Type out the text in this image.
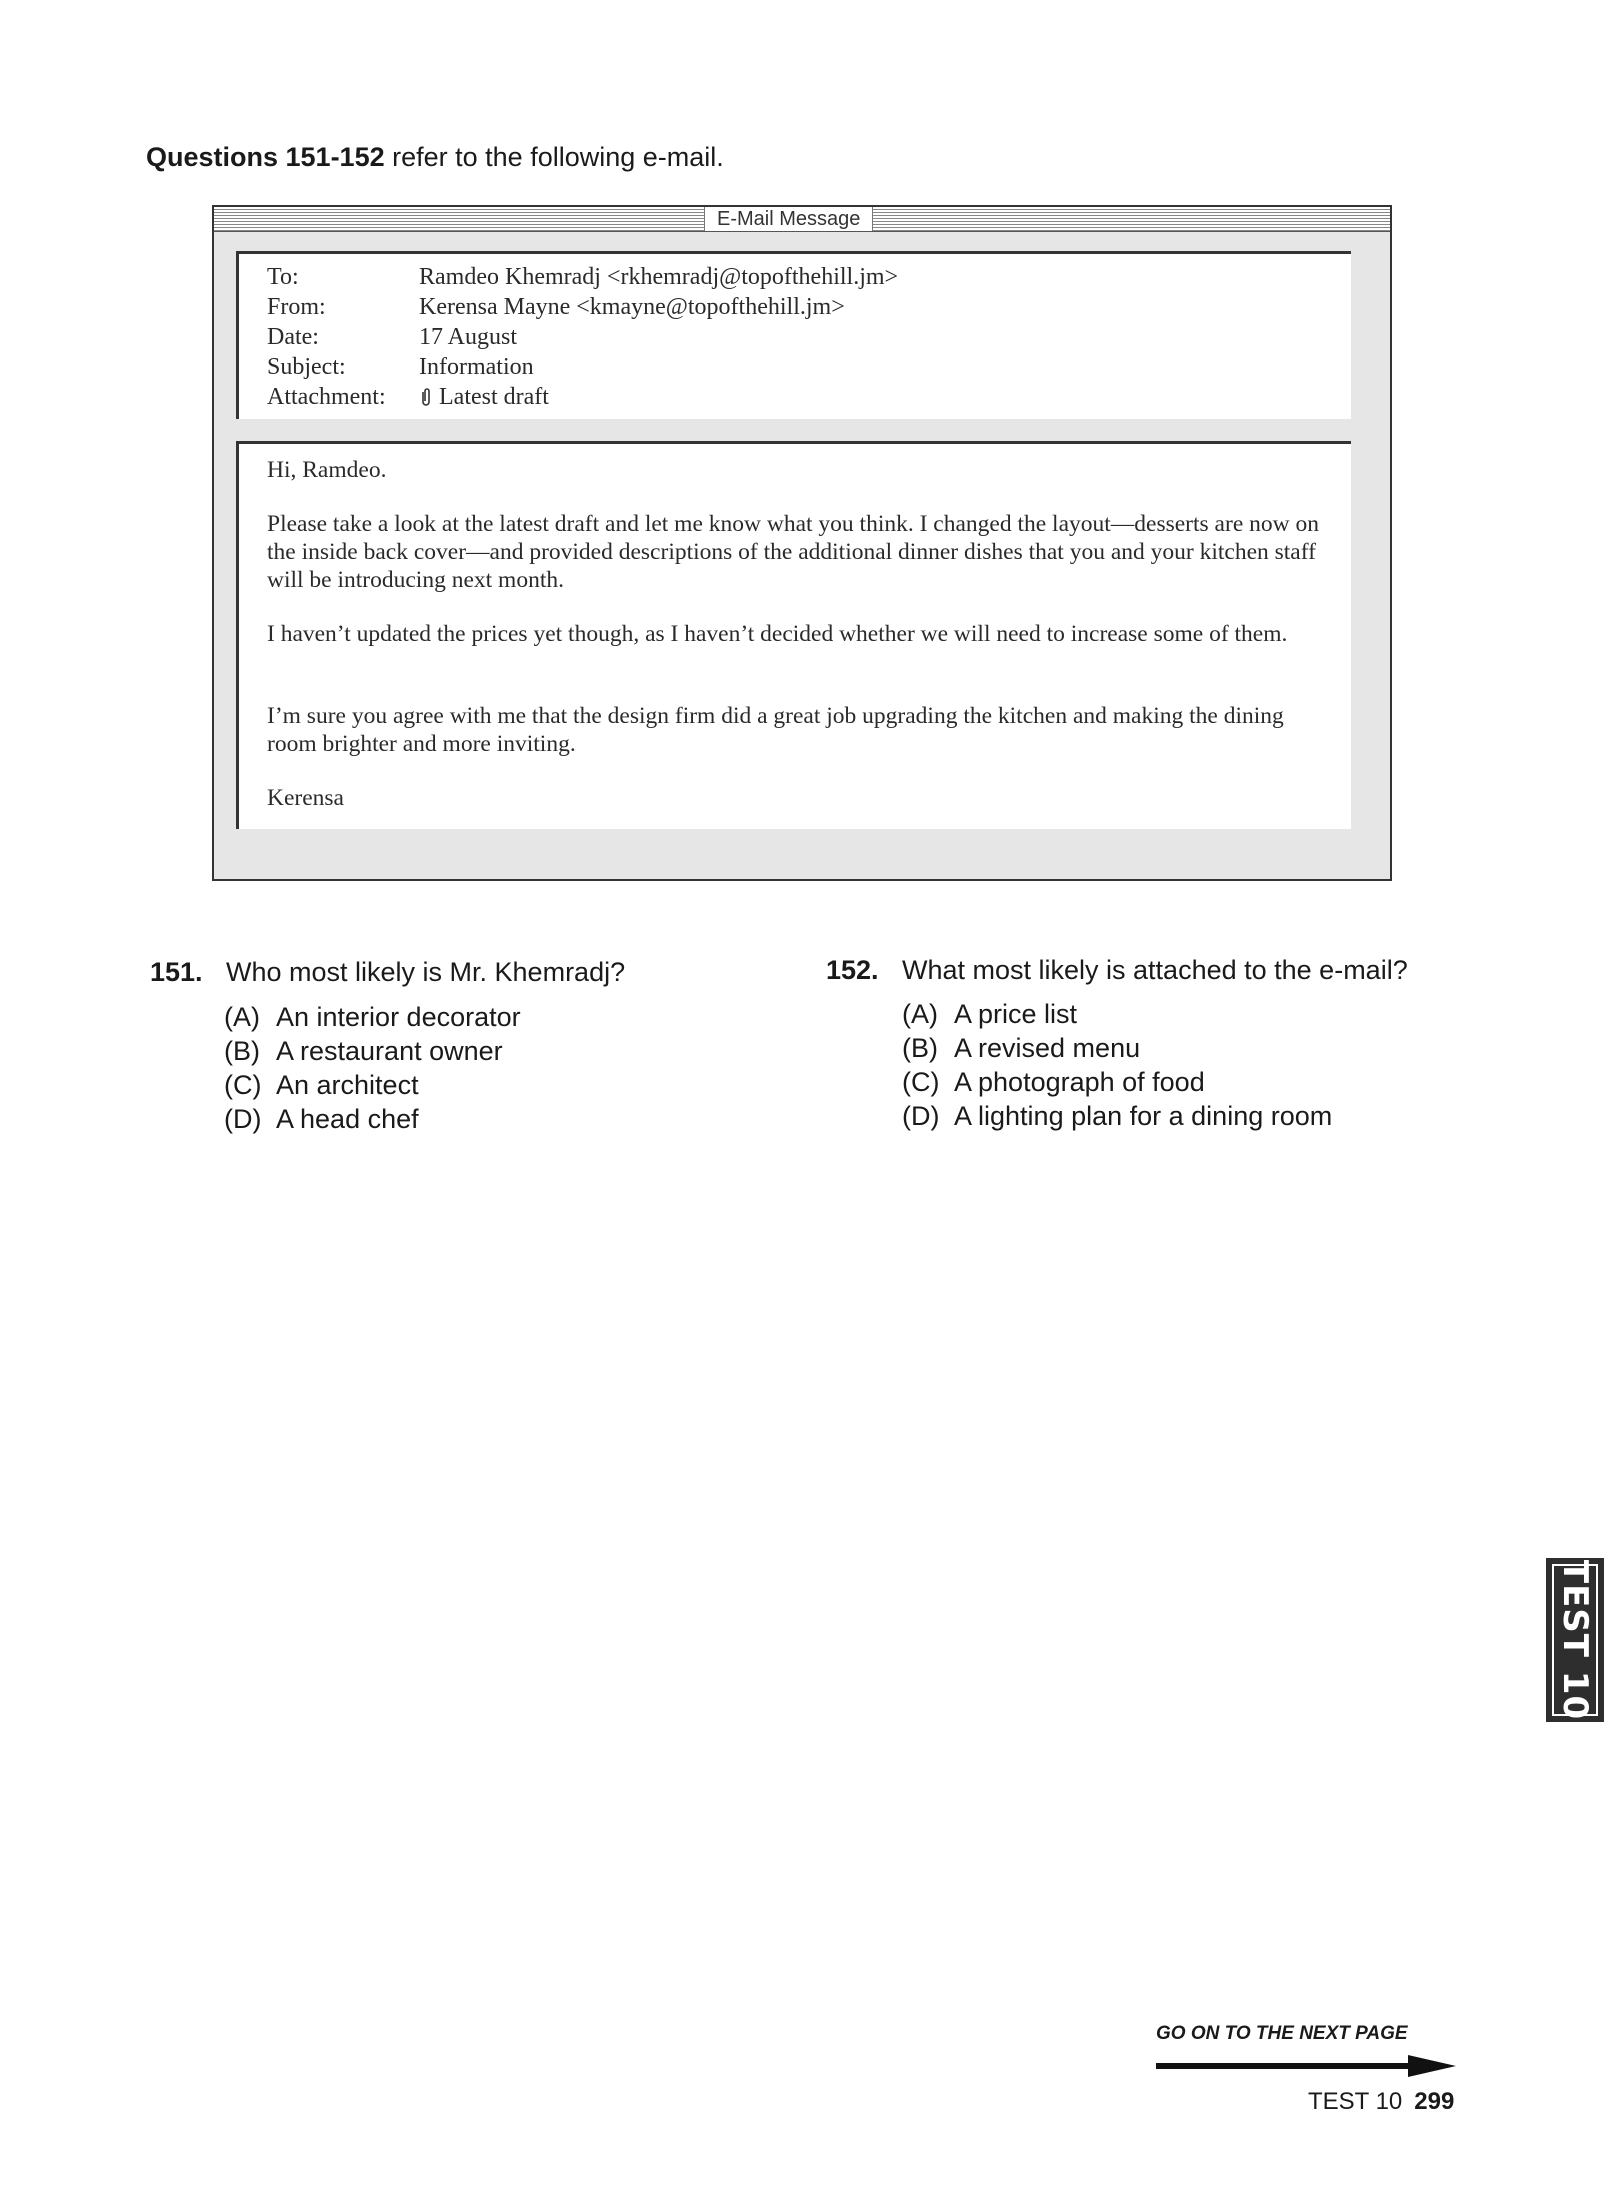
Questions 151-152 refer to the following e-mail.
E-Mail Message
To:	Ramdeo Khemradj <rkhemradj@topofthehill.jm>
From:	Kerensa Mayne <kmayne@topofthehill.jm>
Date:	17 August
Subject:	Information
Attachment: Latest draft

Hi, Ramdeo.

Please take a look at the latest draft and let me know what you think. I changed the layout—desserts are now on the inside back cover—and provided descriptions of the additional dinner dishes that you and your kitchen staff will be introducing next month.

I haven’t updated the prices yet though, as I haven’t decided whether we will need to increase some of them.

I’m sure you agree with me that the design firm did a great job upgrading the kitchen and making the dining room brighter and more inviting.

Kerensa

151. Who most likely is Mr. Khemradj?
(A) An interior decorator
(B) A restaurant owner
(C) An architect
(D) A head chef
152. What most likely is attached to the e-mail?
(A) A price list
(B) A revised menu
(C) A photograph of food
(D) A lighting plan for a dining room
TEST 10
GO ON TO THE NEXT PAGE
TEST 10 299
